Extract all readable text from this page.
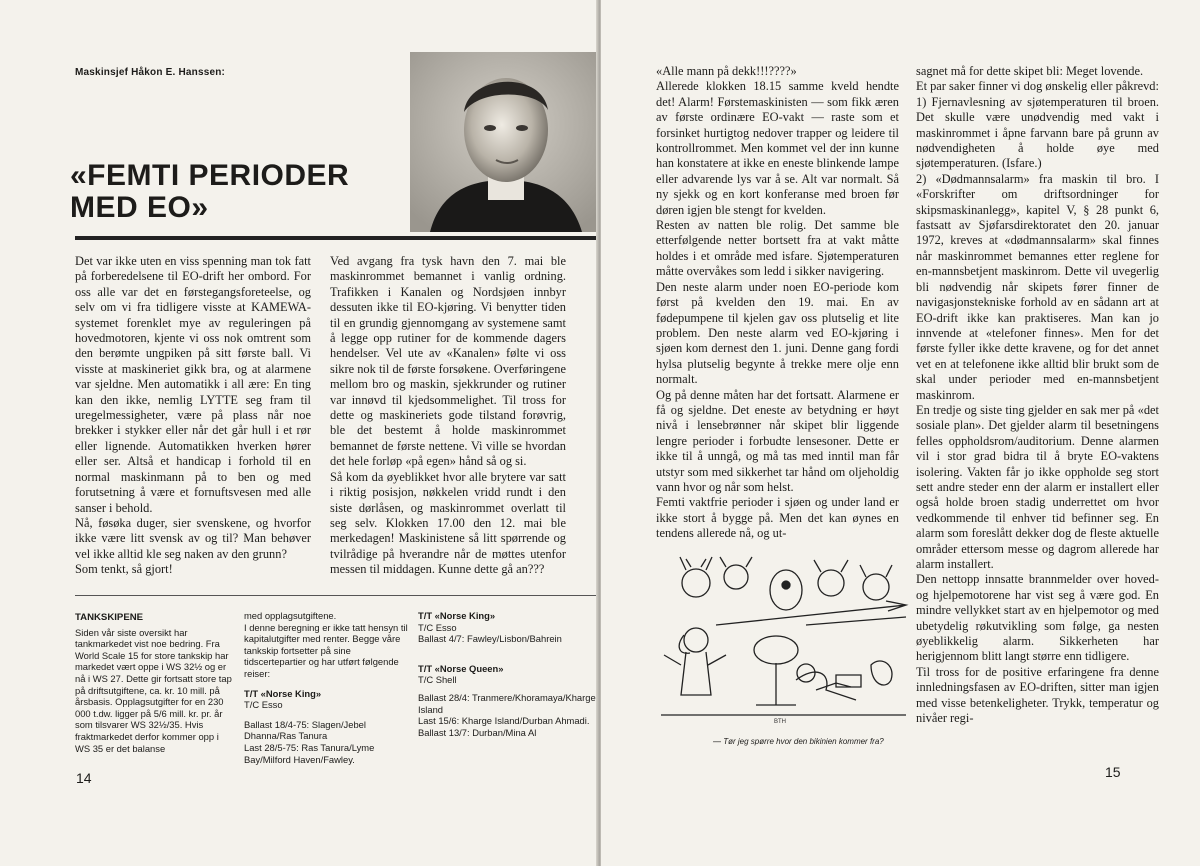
Maskinsjef Håkon E. Hanssen:
«FEMTI PERIODER
MED EO»

Det var ikke uten en viss spenning man tok fatt på forberedelsene til EO-drift her ombord. For oss alle var det en førstegangsforeteelse, og selv om vi fra tidligere visste at KAMEWA-systemet forenklet mye av reguleringen på hovedmotoren, kjente vi oss nok omtrent som den berømte ungpiken på sitt første ball. Vi visste at maskineriet gikk bra, og at alarmene var sjeldne. Men automatikk i all ære: En ting kan den ikke, nemlig LYTTE seg fram til uregelmessigheter, være på plass når noe brekker i stykker eller når det går hull i et rør eller lignende. Automatikken hverken hører eller ser. Altså et handicap i forhold til en normal maskinmann på to ben og med forutsetning å være et fornuftsvesen med alle sanser i behold.

Nå, føsøka duger, sier svenskene, og hvorfor ikke være litt svensk av og til? Man behøver vel ikke alltid kle seg naken av den grunn?

Som tenkt, så gjort!

Ved avgang fra tysk havn den 7. mai ble maskinrommet bemannet i vanlig ordning. Trafikken i Kanalen og Nordsjøen innbyr dessuten ikke til EO-kjøring. Vi benytter tiden til en grundig gjennomgang av systemene samt å legge opp rutiner for de kommende dagers hendelser. Vel ute av «Kanalen» følte vi oss sikre nok til de første forsøkene. Overføringene mellom bro og maskin, sjekkrunder og rutiner var innøvd til kjedsommelighet. Til tross for dette og maskineriets gode tilstand forøvrig, ble det bestemt å holde maskinrommet bemannet de første nettene. Vi ville se hvordan det hele forløp «på egen» hånd så og si.

Så kom da øyeblikket hvor alle brytere var satt i riktig posisjon, nøkkelen vridd rundt i den siste dørlåsen, og maskinrommet overlatt til seg selv. Klokken 17.00 den 12. mai ble merkedagen! Maskinistene så litt spørrende og tvilrådige på hverandre når de møttes utenfor messen til middagen. Kunne dette gå an???

TANKSKIPENE
Siden vår siste oversikt har tankmarkedet vist noe bedring. Fra World Scale 15 for store tankskip har markedet vært oppe i WS 32½ og er nå i WS 27. Dette gir fortsatt store tap på driftsutgiftene, ca. kr. 10 mill. på årsbasis. Opplagsutgifter for en 230 000 t.dw. ligger på 5/6 mill. kr. pr. år som tilsvarer WS 32½/35. Hvis fraktmarkedet derfor kommer opp i WS 35 er det balanse
med opplagsutgiftene.
I denne beregning er ikke tatt hensyn til kapitalutgifter med renter. Begge våre tankskip fortsetter på sine tidscertepartier og har utført følgende reiser:
T/T «Norse King»
T/C Esso
Ballast 18/4-75: Slagen/Jebel Dhanna/Ras Tanura
Last 28/5-75: Ras Tanura/Lyme Bay/Milford Haven/Fawley.
T/T «Norse King»
T/C Esso
Ballast 4/7: Fawley/Lisbon/Bahrein
T/T «Norse Queen»
T/C Shell
Ballast 28/4: Tranmere/Khoramaya/Kharge Island
Last 15/6: Kharge Island/Durban Ahmadi.
Ballast 13/7: Durban/Mina Al
14

«Alle mann på dekk!!!????»

Allerede klokken 18.15 samme kveld hendte det! Alarm! Førstemaskinisten — som fikk æren av første ordinære EO-vakt — raste som et forsinket hurtigtog nedover trapper og leidere til kontrollrommet. Men kommet vel der inn kunne han konstatere at ikke en eneste blinkende lampe eller advarende lys var å se. Alt var normalt. Så ny sjekk og en kort konferanse med broen før døren igjen ble stengt for kvelden.

Resten av natten ble rolig. Det samme ble etterfølgende netter bortsett fra at vakt måtte holdes i et område med isfare. Sjøtemperaturen måtte overvåkes som ledd i sikker navigering.

Den neste alarm under noen EO-periode kom først på kvelden den 19. mai. En av fødepumpene til kjelen gav oss plutselig et lite problem. Den neste alarm ved EO-kjøring i sjøen kom dernest den 1. juni. Denne gang fordi hylsa plutselig begynte å trekke mere olje enn normalt.

Og på denne måten har det fortsatt. Alarmene er få og sjeldne. Det eneste av betydning er høyt nivå i lensebrønner når skipet blir liggende lengre perioder i forbudte lensesoner. Dette er ikke til å unngå, og må tas med inntil man får utstyr som med sikkerhet tar hånd om oljeholdig vann hvor og når som helst.

Femti vaktfrie perioder i sjøen og under land er ikke stort å bygge på. Men det kan øynes en tendens allerede nå, og ut-

BTH
— Tør jeg spørre hvor den bikinien kommer fra?

sagnet må for dette skipet bli: Meget lovende.

Et par saker finner vi dog ønskelig eller påkrevd:

1) Fjernavlesning av sjøtemperaturen til broen. Det skulle være unødvendig med vakt i maskinrommet i åpne farvann bare på grunn av nødvendigheten å holde øye med sjøtemperaturen. (Isfare.)

2) «Dødmannsalarm» fra maskin til bro. I «Forskrifter om driftsordninger for skipsmaskinanlegg», kapitel V, § 28 punkt 6, fastsatt av Sjøfarsdirektoratet den 20. januar 1972, kreves at «dødmannsalarm» skal finnes når maskinrommet bemannes etter reglene for en-mannsbetjent maskinrom. Dette vil uvegerlig bli nødvendig når skipets fører finner de navigasjonstekniske forhold av en sådann art at EO-drift ikke kan praktiseres. Man kan jo innvende at «telefoner finnes». Men for det første fyller ikke dette kravene, og for det annet vet en at telefonene ikke alltid blir brukt som de skal under perioder med en-mannsbetjent maskinrom.

En tredje og siste ting gjelder en sak mer på «det sosiale plan». Det gjelder alarm til besetningens felles oppholdsrom/auditorium. Denne alarmen vil i stor grad bidra til å bryte EO-vaktens isolering. Vakten får jo ikke oppholde seg stort sett andre steder enn der alarm er installert eller også holde broen stadig underrettet om hvor vedkommende til enhver tid befinner seg. En alarm som foreslått dekker dog de fleste aktuelle områder ettersom messe og dagrom allerede har alarm installert.

Den nettopp innsatte brannmelder over hoved- og hjelpemotorene har vist seg å være god. En mindre vellykket start av en hjelpemotor og med ubetydelig røkutvikling som følge, ga nesten øyeblikkelig alarm. Sikkerheten har herigjennom blitt langt større enn tidligere.

Til tross for de positive erfaringene fra denne innledningsfasen av EO-driften, sitter man igjen med visse betenkeligheter. Trykk, temperatur og nivåer regi-

15
